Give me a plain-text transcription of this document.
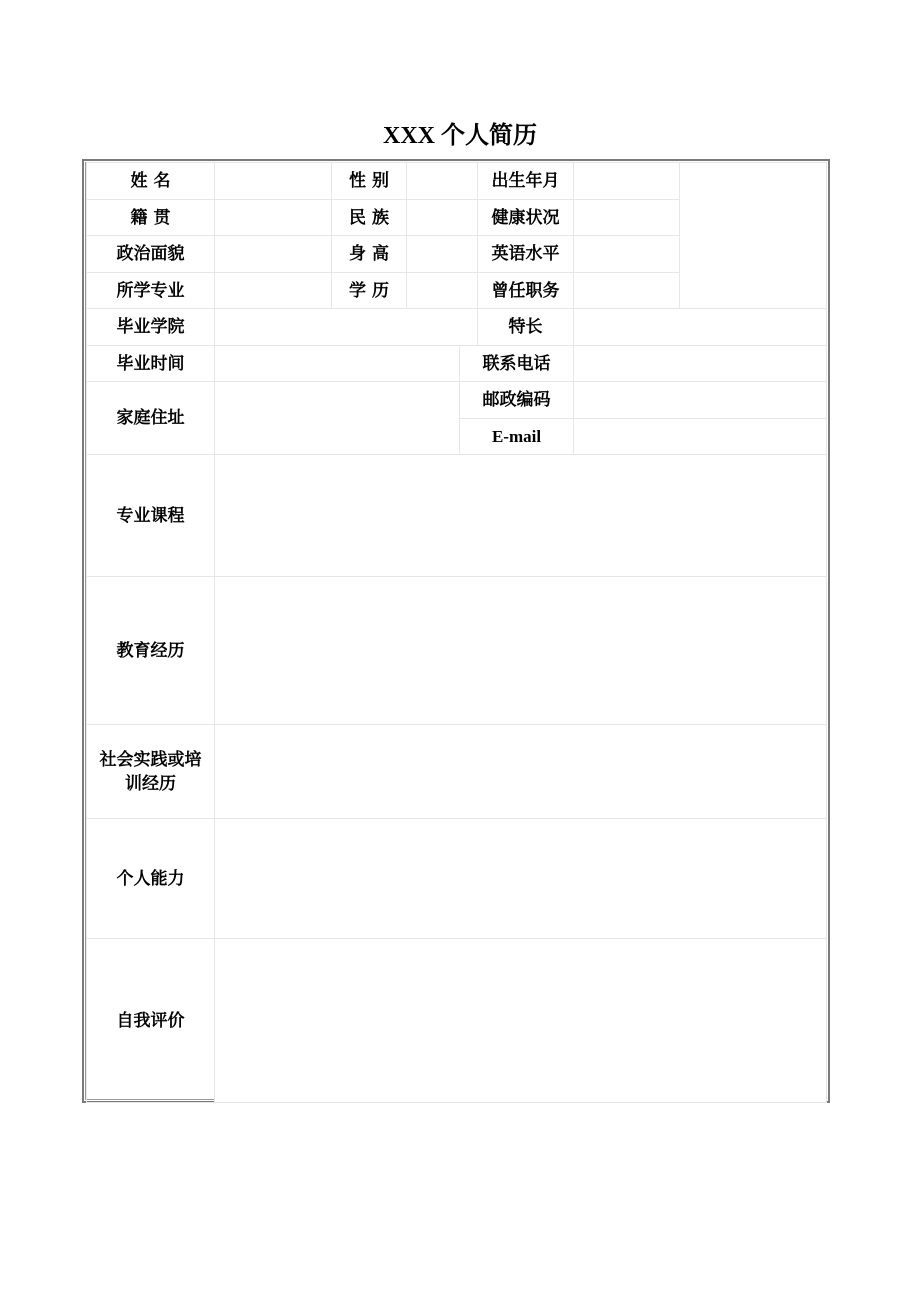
XXX 个人简历
姓 名		性 别			出生年月		
籍 贯		民 族			健康状况		
政治面貌		身 高			英语水平		
所学专业		学 历			曾任职务		
毕业学院					特长		
毕业时间				联系电话			
家庭住址				邮政编码			
				E-mail			
专业课程							
教育经历							

社会实践或培
训经历							

个人能力							
自我评价							
